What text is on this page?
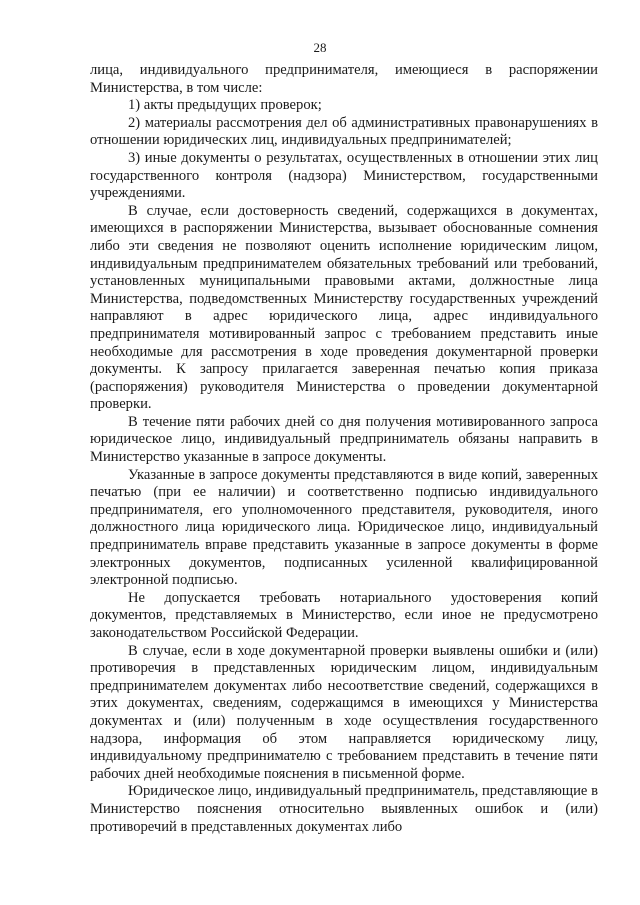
28

лица, индивидуального предпринимателя, имеющиеся в распоряжении Министерства, в том числе:

1) акты предыдущих проверок;

2) материалы рассмотрения дел об административных правонарушениях в отношении юридических лиц, индивидуальных предпринимателей;

3) иные документы о результатах, осуществленных в отношении этих лиц государственного контроля (надзора) Министерством, государственными учреждениями.

В случае, если достоверность сведений, содержащихся в документах, имеющихся в распоряжении Министерства, вызывает обоснованные сомнения либо эти сведения не позволяют оценить исполнение юридическим лицом, индивидуальным предпринимателем обязательных требований или требований, установленных муниципальными правовыми актами, должностные лица Министерства, подведомственных Министерству государственных учреждений направляют в адрес юридического лица, адрес индивидуального предпринимателя мотивированный запрос с требованием представить иные необходимые для рассмотрения в ходе проведения документарной проверки документы. К запросу прилагается заверенная печатью копия приказа (распоряжения) руководителя Министерства о проведении документарной проверки.

В течение пяти рабочих дней со дня получения мотивированного запроса юридическое лицо, индивидуальный предприниматель обязаны направить в Министерство указанные в запросе документы.

Указанные в запросе документы представляются в виде копий, заверенных печатью (при ее наличии) и соответственно подписью индивидуального предпринимателя, его уполномоченного представителя, руководителя, иного должностного лица юридического лица. Юридическое лицо, индивидуальный предприниматель вправе представить указанные в запросе документы в форме электронных документов, подписанных усиленной квалифицированной электронной подписью.

Не допускается требовать нотариального удостоверения копий документов, представляемых в Министерство, если иное не предусмотрено законодательством Российской Федерации.

В случае, если в ходе документарной проверки выявлены ошибки и (или) противоречия в представленных юридическим лицом, индивидуальным предпринимателем документах либо несоответствие сведений, содержащихся в этих документах, сведениям, содержащимся в имеющихся у Министерства документах и (или) полученным в ходе осуществления государственного надзора, информация об этом направляется юридическому лицу, индивидуальному предпринимателю с требованием представить в течение пяти рабочих дней необходимые пояснения в письменной форме.

Юридическое лицо, индивидуальный предприниматель, представляющие в Министерство пояснения относительно выявленных ошибок и (или) противоречий в представленных документах либо
